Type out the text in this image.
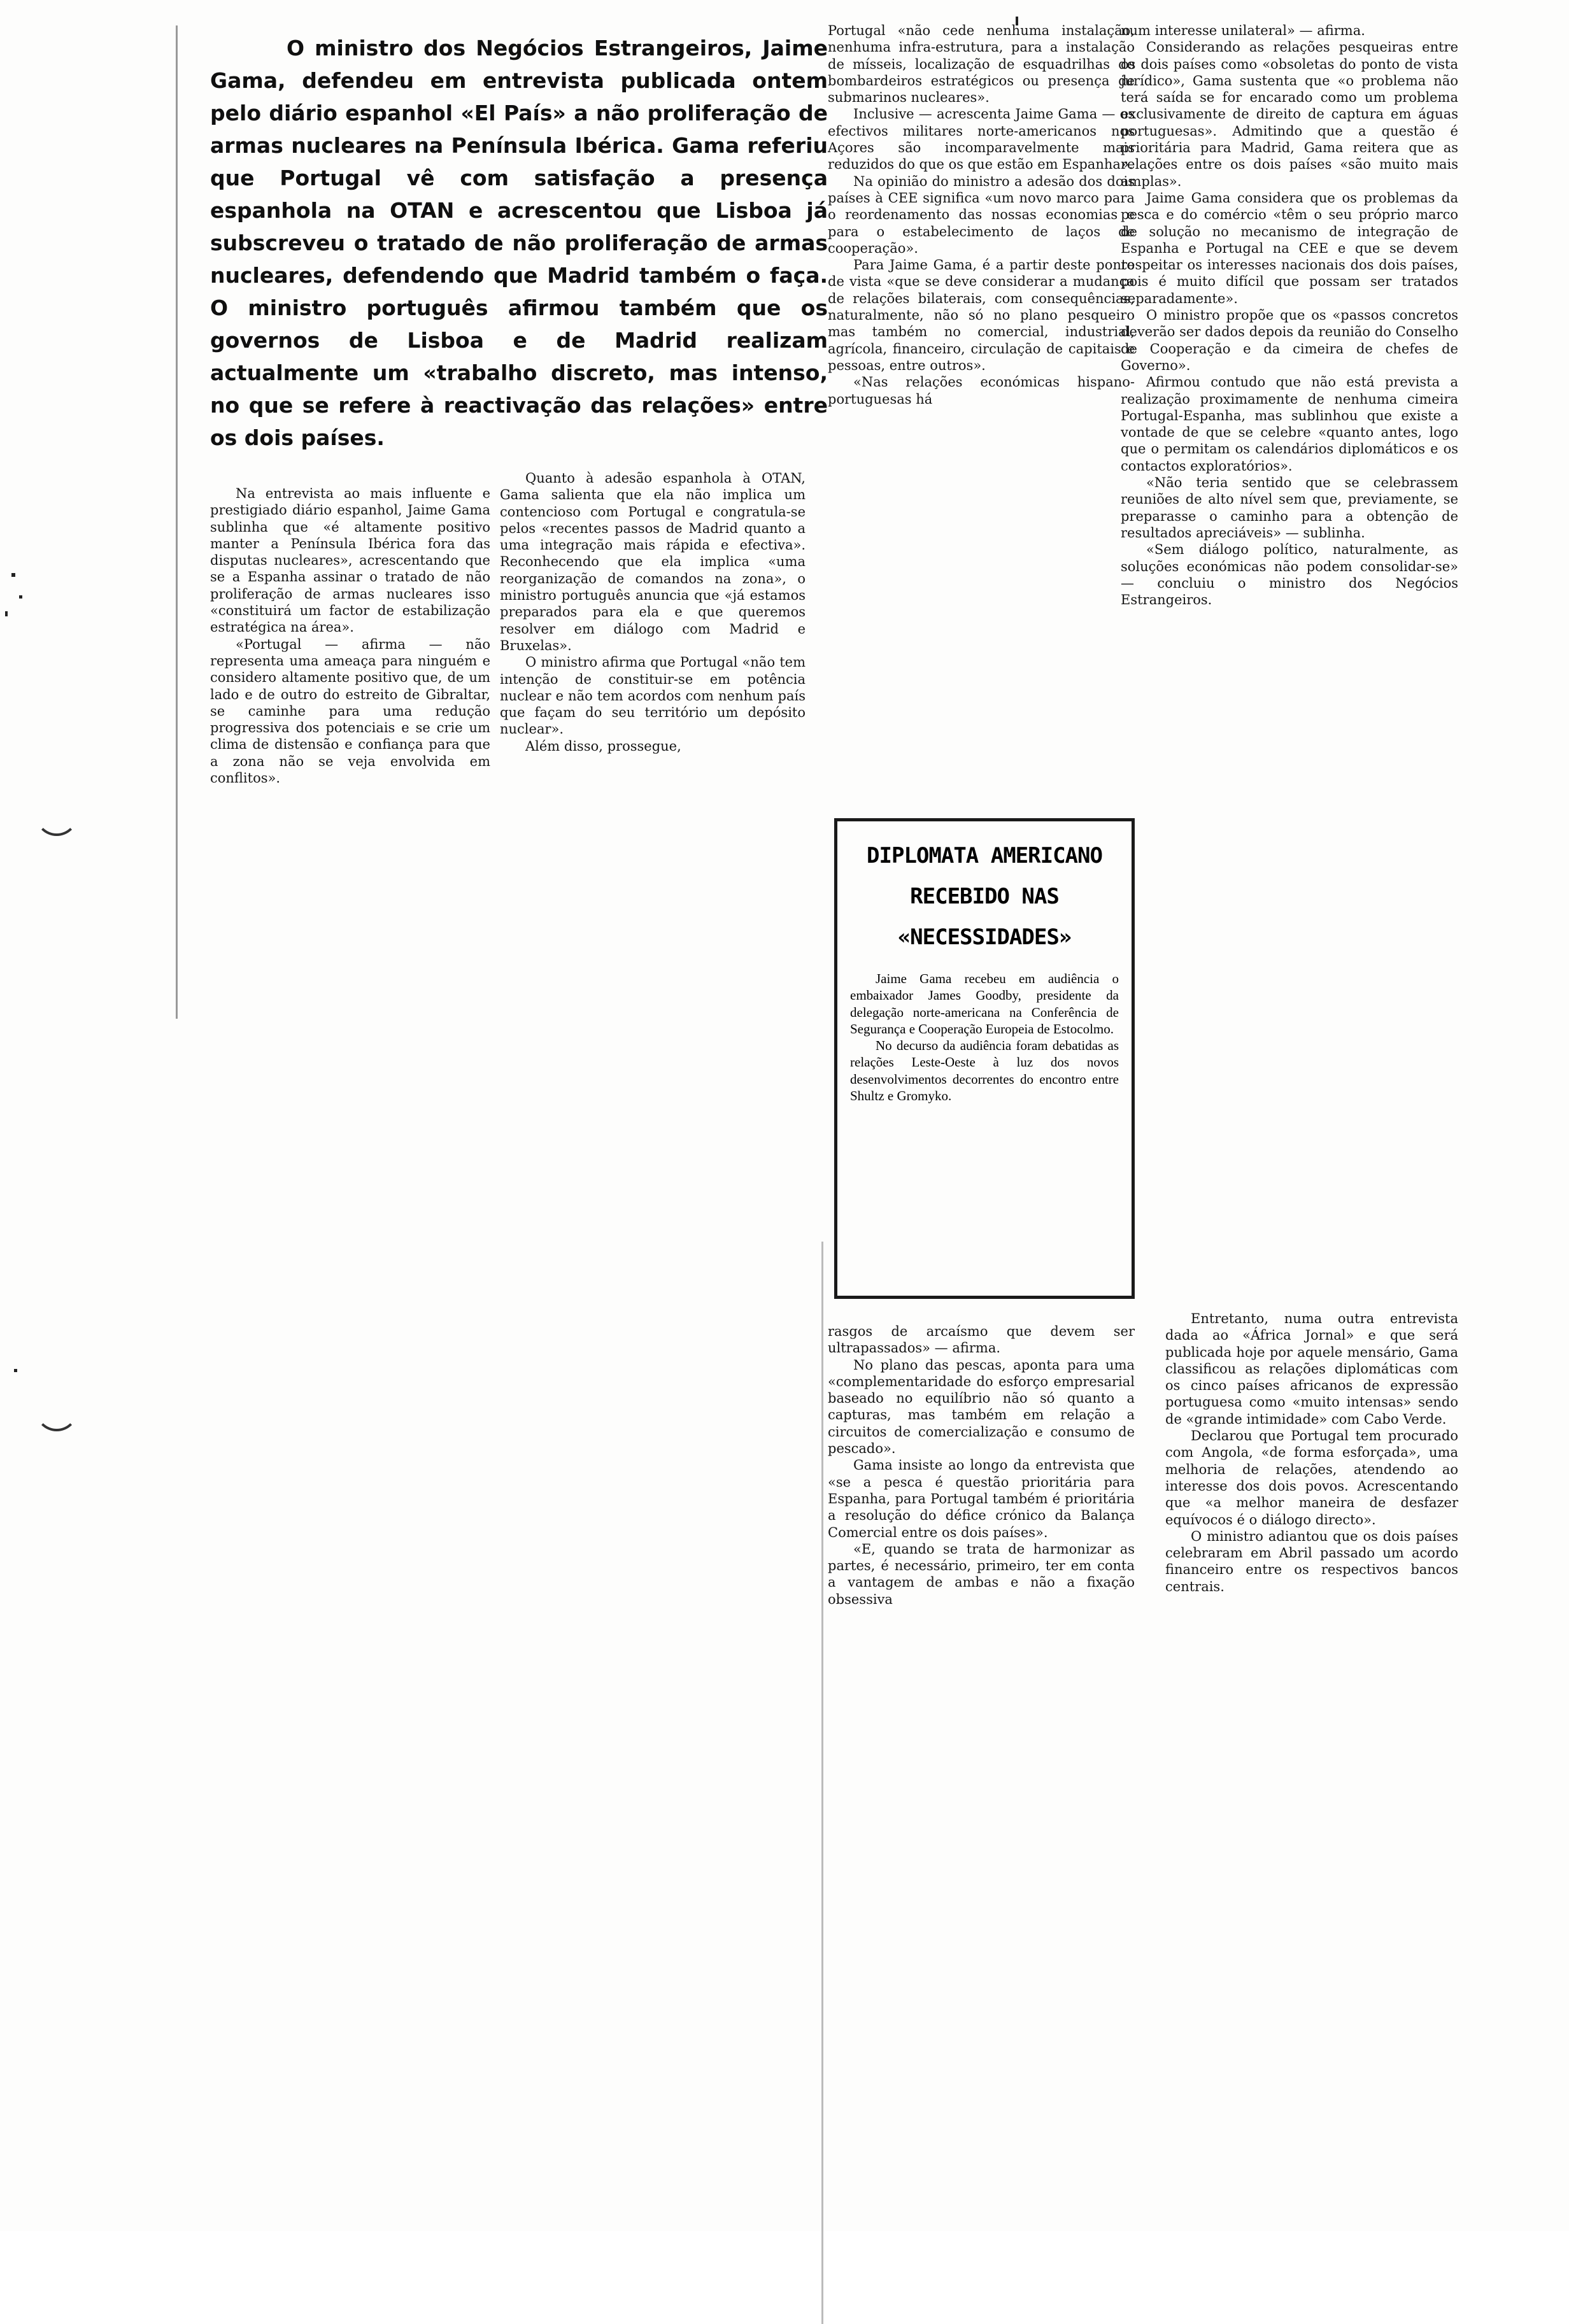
O ministro dos Negócios Estrangeiros, Jaime Gama, defendeu em entrevista publicada ontem pelo diário espanhol «El País» a não proliferação de armas nucleares na Península Ibérica. Gama referiu que Portugal vê com satisfação a presença espanhola na OTAN e acrescentou que Lisboa já subscreveu o tratado de não proliferação de armas nucleares, defendendo que Madrid também o faça. O ministro português afirmou também que os governos de Lisboa e de Madrid realizam actualmente um «trabalho discreto, mas intenso, no que se refere à reactivação das relações» entre os dois países.

Na entrevista ao mais influente e prestigiado diário espanhol, Jaime Gama sublinha que «é altamente positivo manter a Península Ibérica fora das disputas nucleares», acrescentando que se a Espanha assinar o tratado de não proliferação de armas nucleares isso «constituirá um factor de estabilização estratégica na área».

«Portugal — afirma — não representa uma ameaça para ninguém e considero altamente positivo que, de um lado e de outro do estreito de Gibraltar, se caminhe para uma redução progressiva dos potenciais e se crie um clima de distensão e confiança para que a zona não se veja envolvida em conflitos».

Quanto à adesão espanhola à OTAN, Gama salienta que ela não implica um contencioso com Portugal e congratula-se pelos «recentes passos de Madrid quanto a uma integração mais rápida e efectiva». Reconhecendo que ela implica «uma reorganização de comandos na zona», o ministro português anuncia que «já estamos preparados para ela e que queremos resolver em diálogo com Madrid e Bruxelas».

O ministro afirma que Portugal «não tem intenção de constituir-se em potência nuclear e não tem acordos com nenhum país que façam do seu território um depósito nuclear».

Além disso, prossegue,

Portugal «não cede nenhuma instalação, nenhuma infra-estrutura, para a instalação de mísseis, localização de esquadrilhas de bombardeiros estratégicos ou presença de submarinos nucleares».

Inclusive — acrescenta Jaime Gama — os efectivos militares norte-americanos nos Açores são incomparavelmente mais reduzidos do que os que estão em Espanha».

Na opinião do ministro a adesão dos dois países à CEE significa «um novo marco para o reordenamento das nossas economias e para o estabelecimento de laços de cooperação».

Para Jaime Gama, é a partir deste ponto de vista «que se deve considerar a mudança de relações bilaterais, com consequências, naturalmente, não só no plano pesqueiro mas também no comercial, industrial, agrícola, financeiro, circulação de capitais e pessoas, entre outros».

«Nas relações económicas hispano-portuguesas há

DIPLOMATA AMERICANO RECEBIDO NAS «NECESSIDADES»

Jaime Gama recebeu em audiência o embaixador James Goodby, presidente da delegação norte-americana na Conferência de Segurança e Cooperação Europeia de Estocolmo.

No decurso da audiência foram debatidas as relações Leste-Oeste à luz dos novos desenvolvimentos decorrentes do encontro entre Shultz e Gromyko.

rasgos de arcaísmo que devem ser ultrapassados» — afirma.

No plano das pescas, aponta para uma «complementaridade do esforço empresarial baseado no equilíbrio não só quanto a capturas, mas também em relação a circuitos de comercialização e consumo de pescado».

Gama insiste ao longo da entrevista que «se a pesca é questão prioritária para Espanha, para Portugal também é prioritária a resolução do défice crónico da Balança Comercial entre os dois países».

«E, quando se trata de harmonizar as partes, é necessário, primeiro, ter em conta a vantagem de ambas e não a fixação obsessiva

num interesse unilateral» — afirma.

Considerando as relações pesqueiras entre os dois países como «obsoletas do ponto de vista jurídico», Gama sustenta que «o problema não terá saída se for encarado como um problema exclusivamente de direito de captura em águas portuguesas». Admitindo que a questão é prioritária para Madrid, Gama reitera que as relações entre os dois países «são muito mais amplas».

Jaime Gama considera que os problemas da pesca e do comércio «têm o seu próprio marco de solução no mecanismo de integração de Espanha e Portugal na CEE e que se devem respeitar os interesses nacionais dos dois países, pois é muito difícil que possam ser tratados separadamente».

O ministro propõe que os «passos concretos deverão ser dados depois da reunião do Conselho de Cooperação e da cimeira de chefes de Governo».

Afirmou contudo que não está prevista a realização proximamente de nenhuma cimeira Portugal-Espanha, mas sublinhou que existe a vontade de que se celebre «quanto antes, logo que o permitam os calendários diplomáticos e os contactos exploratórios».

«Não teria sentido que se celebrassem reuniões de alto nível sem que, previamente, se preparasse o caminho para a obtenção de resultados apreciáveis» — sublinha.

«Sem diálogo político, naturalmente, as soluções económicas não podem consolidar-se» — concluiu o ministro dos Negócios Estrangeiros.

Entretanto, numa outra entrevista dada ao «África Jornal» e que será publicada hoje por aquele mensário, Gama classificou as relações diplomáticas com os cinco países africanos de expressão portuguesa como «muito intensas» sendo de «grande intimidade» com Cabo Verde.

Declarou que Portugal tem procurado com Angola, «de forma esforçada», uma melhoria de relações, atendendo ao interesse dos dois povos. Acrescentando que «a melhor maneira de desfazer equívocos é o diálogo directo».

O ministro adiantou que os dois países celebraram em Abril passado um acordo financeiro entre os respectivos bancos centrais.
